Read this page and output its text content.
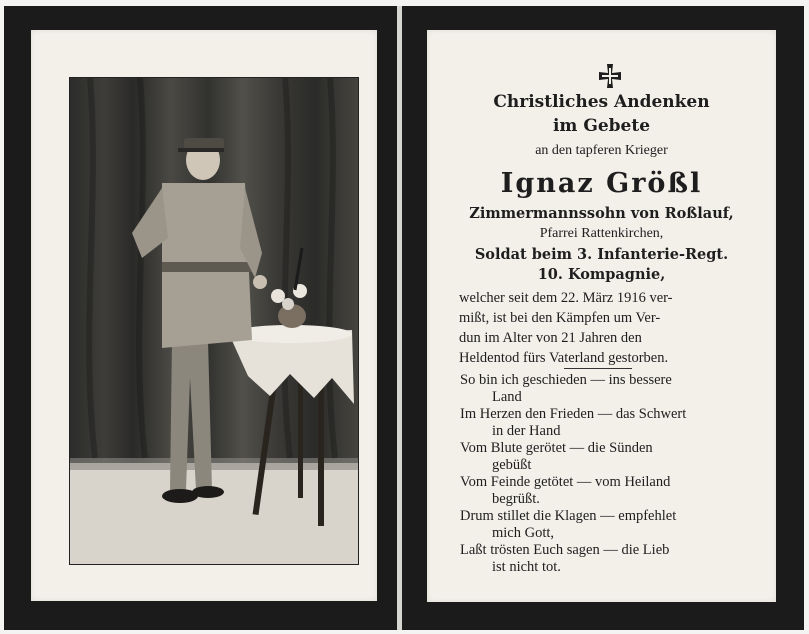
Christliches Andenken
im Gebete
an den tapferen Krieger
Ignaz Größl
Zimmermannssohn von Roßlauf,
Pfarrei Rattenkirchen,
Soldat beim 3. Infanterie-Regt.
10. Kompagnie,
welcher seit dem 22. März 1916 ver-
mißt, ist bei den Kämpfen um Ver-
dun im Alter von 21 Jahren den
Heldentod fürs Vaterland gestorben.
So bin ich geschieden — ins bessere
Land
Im Herzen den Frieden — das Schwert
in der Hand
Vom Blute gerötet — die Sünden
gebüßt
Vom Feinde getötet — vom Heiland
begrüßt.
Drum stillet die Klagen — empfehlet
mich Gott,
Laßt trösten Euch sagen — die Lieb
ist nicht tot.
